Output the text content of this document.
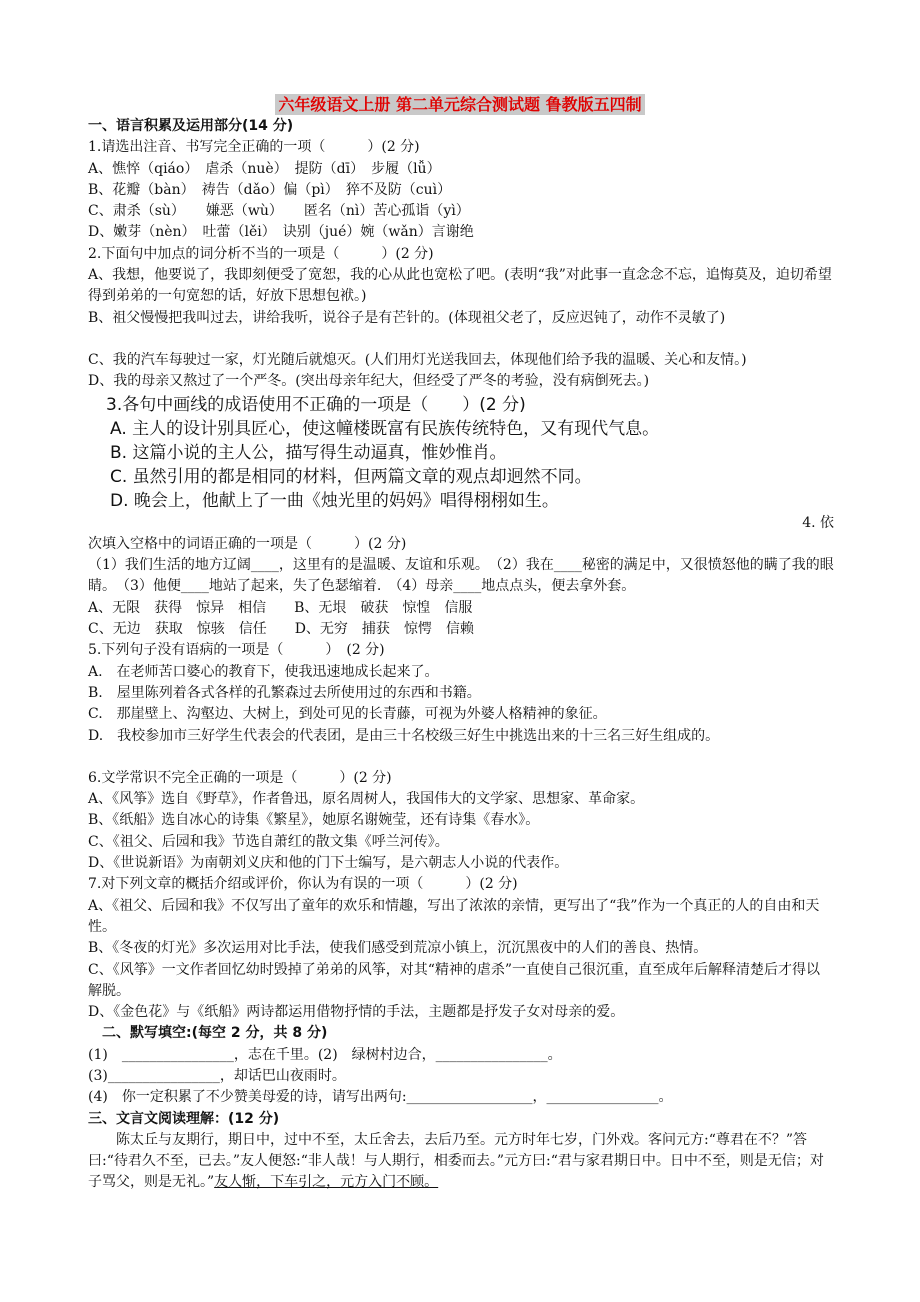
六年级语文上册 第二单元综合测试题 鲁教版五四制
一、语言积累及运用部分(14 分)
1.请选出注音、书写完全正确的一项（　　　）(2 分)
A、憔悴（qiáo）　虐杀（nuè）　提防（dī）　步履（lǚ）
B、花瓣（bàn）　祷告（dǎo）偏（pì）　猝不及防（cuì）
C、肃杀（sù）　　嫌恶（wù）　　匿名（nì）苦心孤诣（yì）
D、嫩芽（nèn）　吐蕾（lěi）　诀别（jué）婉（wǎn）言谢绝
2.下面句中加点的词分析不当的一项是（　　　）(2 分)
A、我想，他要说了，我即刻便受了宽恕，我的心从此也宽松了吧。(表明“我”对此事一直念念不忘，追悔莫及，迫切希望得到弟弟的一句宽恕的话，好放下思想包袱。)
B、祖父慢慢把我叫过去，讲给我听，说谷子是有芒针的。(体现祖父老了，反应迟钝了，动作不灵敏了)
C、我的汽车每驶过一家，灯光随后就熄灭。(人们用灯光送我回去，体现他们给予我的温暖、关心和友情。)
D、我的母亲又熬过了一个严冬。(突出母亲年纪大，但经受了严冬的考验，没有病倒死去。)
3.各句中画线的成语使用不正确的一项是（　　）(2 分)
A. 主人的设计别具匠心，使这幢楼既富有民族传统特色，又有现代气息。
B. 这篇小说的主人公，描写得生动逼真，惟妙惟肖。
C. 虽然引用的都是相同的材料，但两篇文章的观点却迥然不同。
D. 晚会上，他献上了一曲《烛光里的妈妈》唱得栩栩如生。
4. 依
次填入空格中的词语正确的一项是（　　　）(2 分)
（1）我们生活的地方辽阔____，这里有的是温暖、友谊和乐观。　（2）我在____秘密的满足中，又很愤怒他的瞒了我的眼睛。　（3）他便____地站了起来，失了色瑟缩着.　（4）母亲____地点点头，便去拿外套。
A、无限　获得　惊异　相信　　B、无垠　破获　惊惶　信服
C、无边　获取　惊骇　信任　　D、无穷　捕获　惊愕　信赖
5.下列句子没有语病的一项是（　　　）　(2 分)
A.　在老师苦口婆心的教育下，使我迅速地成长起来了。
B.　屋里陈列着各式各样的孔繁森过去所使用过的东西和书籍。
C.　那崖壁上、沟壑边、大树上，到处可见的长青藤，可视为外婆人格精神的象征。
D.　我校参加市三好学生代表会的代表团，是由三十名校级三好生中挑选出来的十三名三好生组成的。
6.文学常识不完全正确的一项是（　　　）(2 分)
A、《风筝》选自《野草》，作者鲁迅，原名周树人，我国伟大的文学家、思想家、革命家。
B、《纸船》选自冰心的诗集《繁星》，她原名谢婉莹，还有诗集《春水》。
C、《祖父、后园和我》节选自萧红的散文集《呼兰河传》。
D、《世说新语》为南朝刘义庆和他的门下士编写，是六朝志人小说的代表作。
7.对下列文章的概括介绍或评价，你认为有误的一项（　　　）(2 分)
A、《祖父、后园和我》不仅写出了童年的欢乐和情趣，写出了浓浓的亲情，更写出了“我”作为一个真正的人的自由和天性。
B、《冬夜的灯光》多次运用对比手法，使我们感受到荒凉小镇上，沉沉黑夜中的人们的善良、热情。
C、《风筝》一文作者回忆幼时毁掉了弟弟的风筝，对其“精神的虐杀”一直使自己很沉重，直至成年后解释清楚后才得以解脱。
D、《金色花》与《纸船》两诗都运用借物抒情的手法，主题都是抒发子女对母亲的爱。
二、默写填空:(每空 2 分，共 8 分)
(1)　________________，志在千里。(2)　绿树村边合，________________。
(3)________________，却话巴山夜雨时。
(4)　你一定积累了不少赞美母爱的诗，请写出两句:__________________，________________。
三、文言文阅读理解：(12 分)
陈太丘与友期行，期日中，过中不至，太丘舍去，去后乃至。元方时年七岁，门外戏。客问元方:“尊君在不？”答曰:“待君久不至，已去。”友人便怒:“非人哉！与人期行，相委而去。”元方曰:“君与家君期日中。日中不至，则是无信；对子骂父，则是无礼。”友人惭，下车引之，元方入门不顾。
